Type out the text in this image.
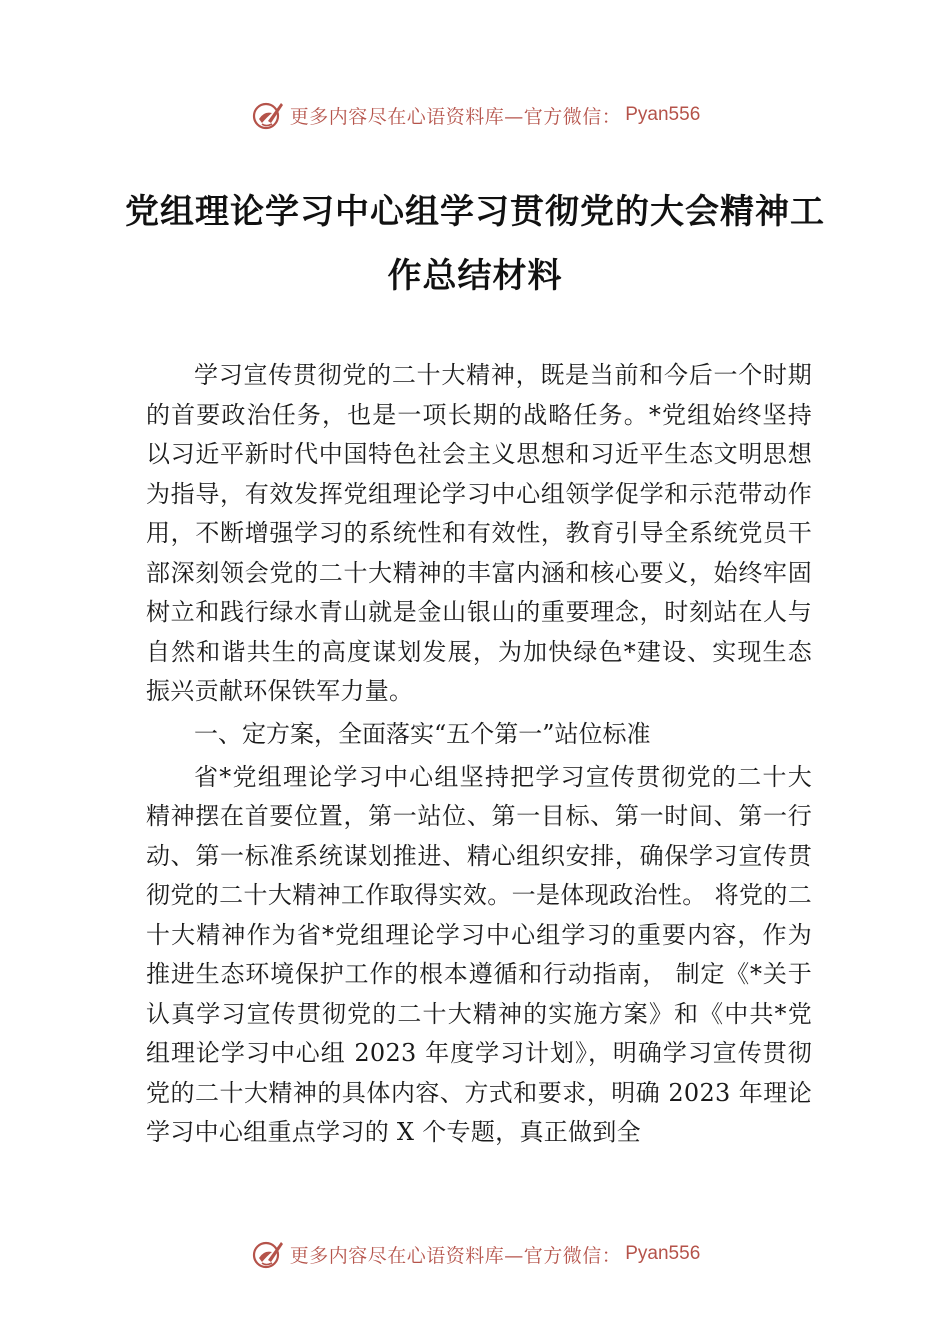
更多内容尽在心语资料库—官方微信： Pyan556
党组理论学习中心组学习贯彻党的大会精神工作总结材料

学习宣传贯彻党的二十大精神，既是当前和今后一个时期的首要政治任务，也是一项长期的战略任务。*党组始终坚持以习近平新时代中国特色社会主义思想和习近平生态文明思想为指导，有效发挥党组理论学习中心组领学促学和示范带动作用，不断增强学习的系统性和有效性，教育引导全系统党员干部深刻领会党的二十大精神的丰富内涵和核心要义，始终牢固树立和践行绿水青山就是金山银山的重要理念，时刻站在人与自然和谐共生的高度谋划发展，为加快绿色*建设、实现生态振兴贡献环保铁军力量。

一、定方案，全面落实“五个第一”站位标准

省*党组理论学习中心组坚持把学习宣传贯彻党的二十大精神摆在首要位置，第一站位、第一目标、第一时间、第一行动、第一标准系统谋划推进、精心组织安排，确保学习宣传贯彻党的二十大精神工作取得实效。一是体现政治性。 将党的二十大精神作为省*党组理论学习中心组学习的重要内容，作为推进生态环境保护工作的根本遵循和行动指南， 制定《*关于认真学习宣传贯彻党的二十大精神的实施方案》和《中共*党组理论学习中心组 2023 年度学习计划》，明确学习宣传贯彻党的二十大精神的具体内容、方式和要求，明确 2023 年理论学习中心组重点学习的 X 个专题，真正做到全

更多内容尽在心语资料库—官方微信： Pyan556
